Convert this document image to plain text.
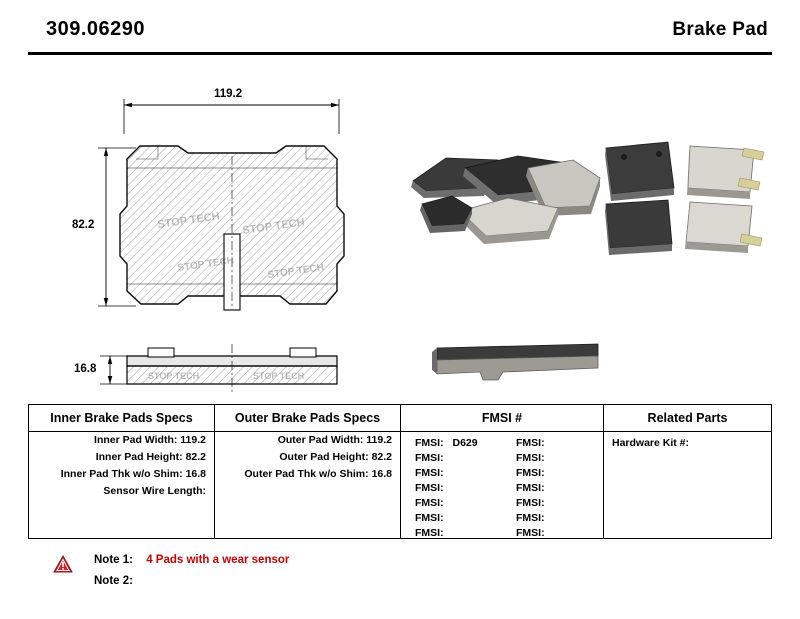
309.06290	Brake Pad
STOP TECH STOP TECH
STOP TECH	STOP TECH
STOP TECH	STOP TECH
119.2
82.2
16.8
Inner Brake Pads Specs
Inner Pad Width: 119.2
Inner Pad Height: 82.2
Inner Pad Thk w/o Shim: 16.8
Sensor Wire Length:
Outer Brake Pads Specs
Outer Pad Width: 119.2
Outer Pad Height: 82.2
Outer Pad Thk w/o Shim: 16.8
FMSI #
FMSI: D629
FMSI:
FMSI:
FMSI:
FMSI:
FMSI:
FMSI:
FMSI:
FMSI:
FMSI:
FMSI:
FMSI:
FMSI:
FMSI:
Related Parts
Hardware Kit #:
Note 1: 4 Pads with a wear sensor
Note 2:
